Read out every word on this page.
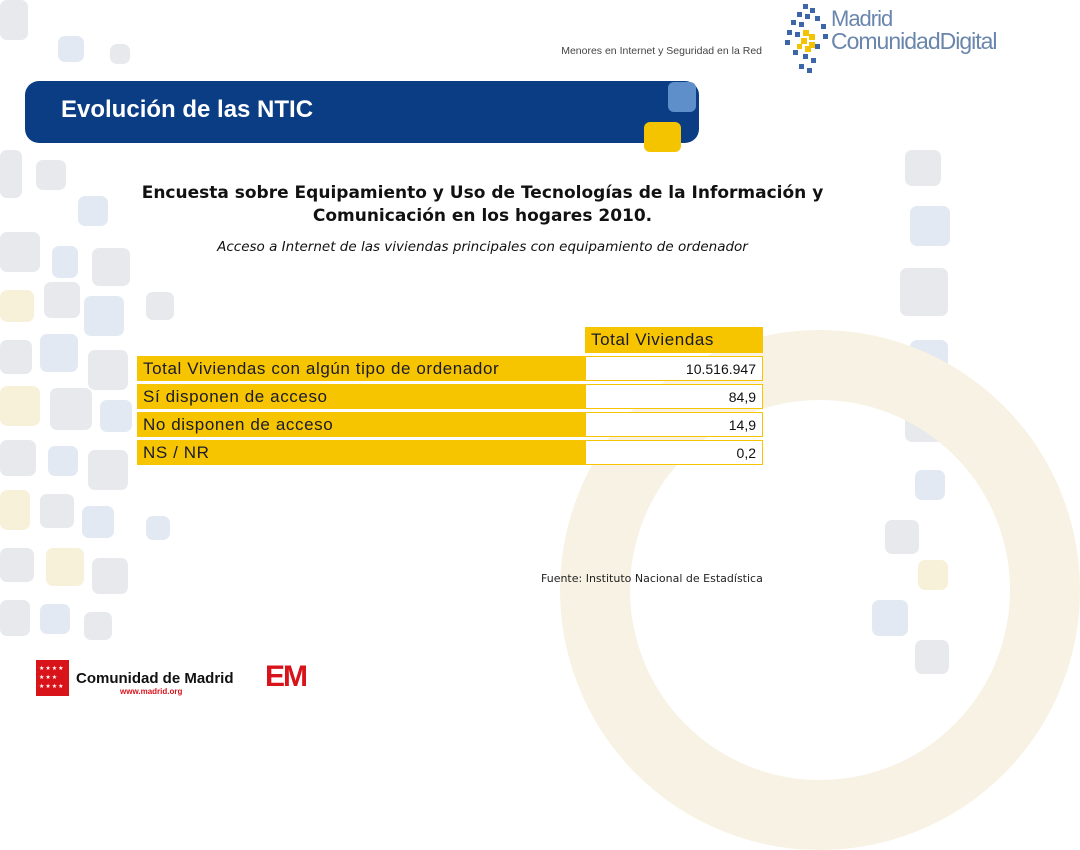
Menores en Internet y Seguridad en la Red
Madrid
ComunidadDigital
Evolución de las NTIC
Encuesta sobre Equipamiento y Uso de Tecnologías de la Información y
Comunicación en los hogares 2010.
Acceso a Internet de las viviendas principales con equipamiento de ordenador
	Total Viviendas
Total Viviendas con algún tipo de ordenador	10.516.947
Sí disponen de acceso	84,9
No disponen de acceso	14,9
NS / NR	0,2
Fuente: Instituto Nacional de Estadística
★★★★
★★★
★★★★ Comunidad de Madrid
www.madrid.org	EM
